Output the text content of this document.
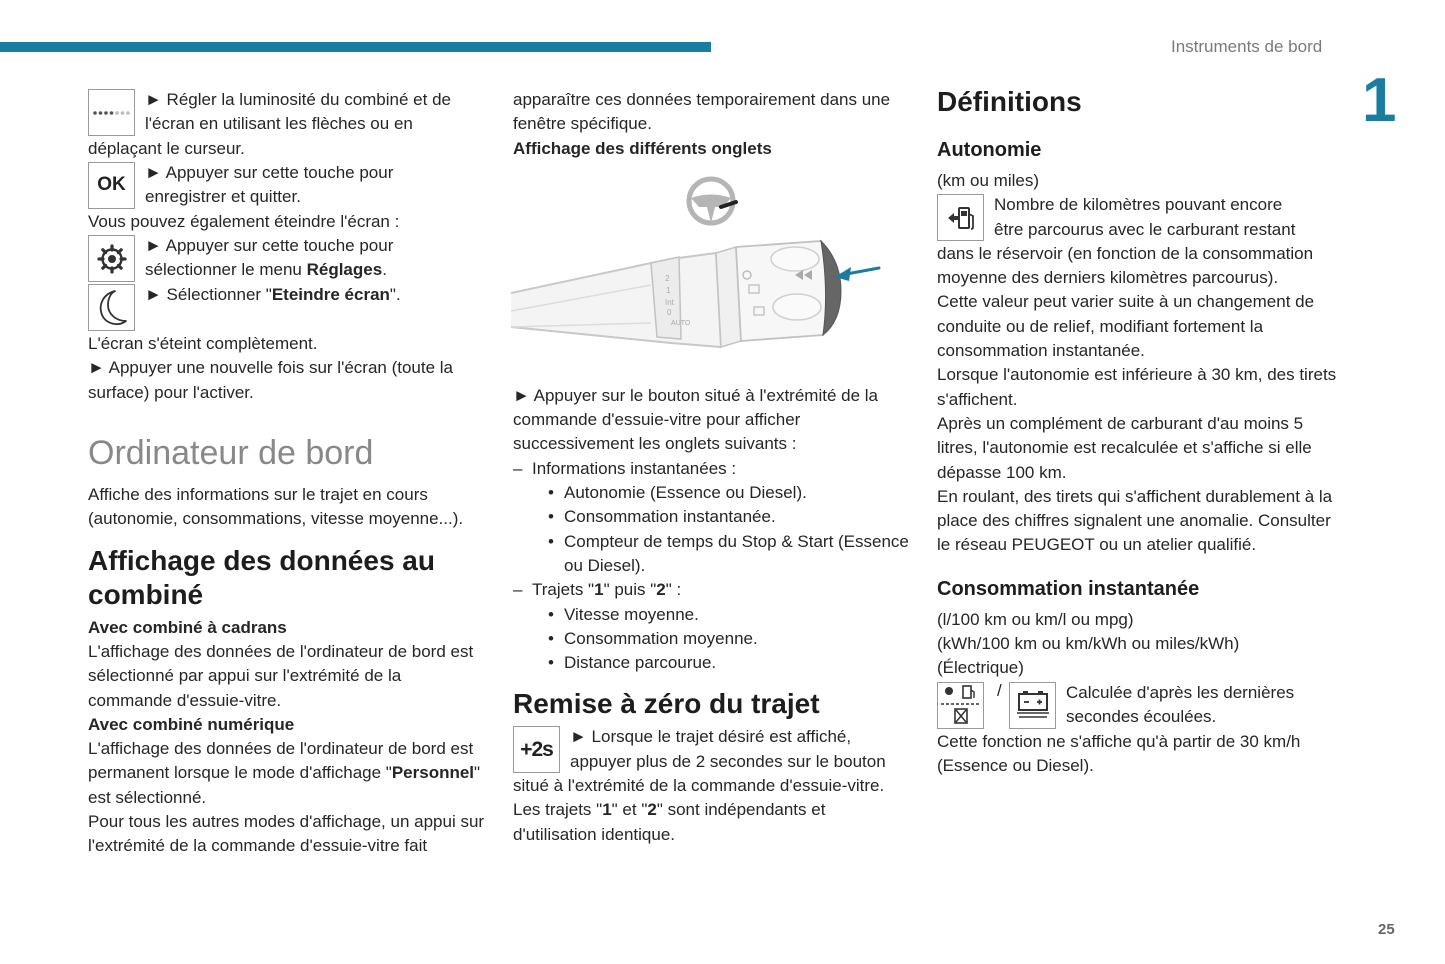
Instruments de bord
1
25
► Régler la luminosité du combiné et de
l'écran en utilisant les flèches ou en
déplaçant le curseur.
OK
► Appuyer sur cette touche pour
enregistrer et quitter.

Vous pouvez également éteindre l'écran :

► Appuyer sur cette touche pour
sélectionner le menu Réglages.
► Sélectionner "Eteindre écran".

L'écran s'éteint complètement.

► Appuyer une nouvelle fois sur l'écran (toute la surface) pour l'activer.

Ordinateur de bord

Affiche des informations sur le trajet en cours (autonomie, consommations, vitesse moyenne...).

Affichage des données au combiné

Avec combiné à cadrans

L'affichage des données de l'ordinateur de bord est sélectionné par appui sur l'extrémité de la commande d'essuie-vitre.

Avec combiné numérique

L'affichage des données de l'ordinateur de bord est permanent lorsque le mode d'affichage "Personnel" est sélectionné.

Pour tous les autres modes d'affichage, un appui sur l'extrémité de la commande d'essuie-vitre fait

apparaître ces données temporairement dans une fenêtre spécifique.

Affichage des différents onglets

2
1
Int
0
AUTO

► Appuyer sur le bouton situé à l'extrémité de la commande d'essuie-vitre pour afficher successivement les onglets suivants :

– Informations instantanées :
• Autonomie (Essence ou Diesel).
• Consommation instantanée.
• Compteur de temps du Stop & Start (Essence ou Diesel).
– Trajets "1" puis "2" :
• Vitesse moyenne.
• Consommation moyenne.
• Distance parcourue.
Remise à zéro du trajet
+2s
► Lorsque le trajet désiré est affiché,
appuyer plus de 2 secondes sur le bouton
situé à l'extrémité de la commande d'essuie-vitre.

Les trajets "1" et "2" sont indépendants et d'utilisation identique.

Définitions
Autonomie

(km ou miles)

Nombre de kilomètres pouvant encore
être parcourus avec le carburant restant
dans le réservoir (en fonction de la consommation moyenne des derniers kilomètres parcourus).

Cette valeur peut varier suite à un changement de conduite ou de relief, modifiant fortement la consommation instantanée.

Lorsque l'autonomie est inférieure à 30 km, des tirets s'affichent.

Après un complément de carburant d'au moins 5 litres, l'autonomie est recalculée et s'affiche si elle dépasse 100 km.

En roulant, des tirets qui s'affichent durablement à la place des chiffres signalent une anomalie. Consulter le réseau PEUGEOT ou un atelier qualifié.

Consommation instantanée

(l/100 km ou km/l ou mpg)

(kWh/100 km ou km/kWh ou miles/kWh)

(Électrique)

/	Calculée d'après les dernières
secondes écoulées.

Cette fonction ne s'affiche qu'à partir de 30 km/h (Essence ou Diesel).
